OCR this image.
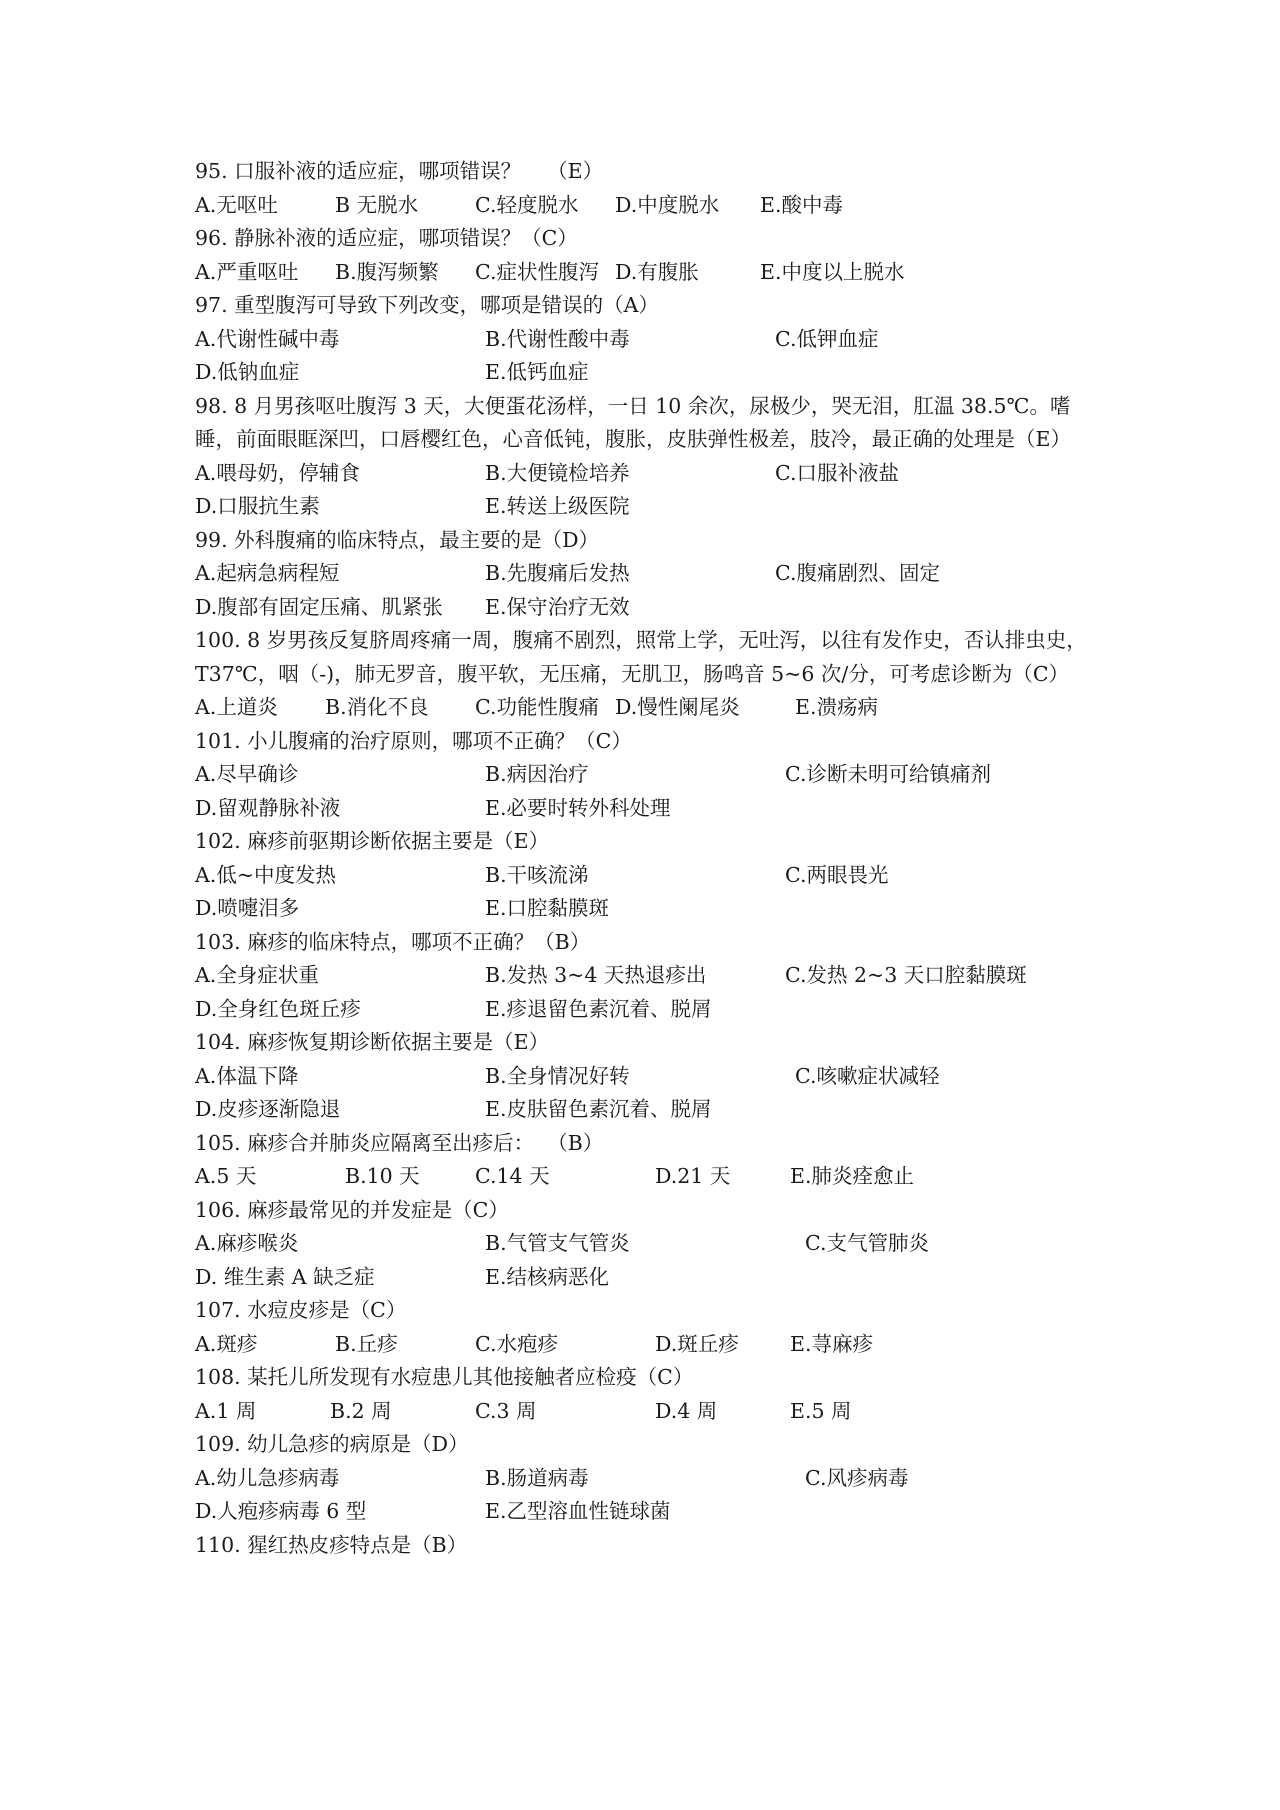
95. 口服补液的适应症，哪项错误？    （E）
A.无呕吐	B 无脱水	C.轻度脱水 D.中度脱水 E.酸中毒
96. 静脉补液的适应症，哪项错误？（C）
A.严重呕吐 B.腹泻频繁 C.症状性腹泻 D.有腹胀	E.中度以上脱水
97. 重型腹泻可导致下列改变，哪项是错误的（A）
A.代谢性碱中毒	B.代谢性酸中毒	C.低钾血症
D.低钠血症	E.低钙血症
98. 8 月男孩呕吐腹泻 3 天，大便蛋花汤样，一日 10 余次，尿极少，哭无泪，肛温 38.5℃。嗜睡，前面眼眶深凹，口唇樱红色，心音低钝，腹胀，皮肤弹性极差，肢冷，最正确的处理是（E）
A.喂母奶，停辅食	B.大便镜检培养	C.口服补液盐
D.口服抗生素	E.转送上级医院
99. 外科腹痛的临床特点，最主要的是（D）
A.起病急病程短	B.先腹痛后发热	C.腹痛剧烈、固定
D.腹部有固定压痛、肌紧张 E.保守治疗无效
100. 8 岁男孩反复脐周疼痛一周，腹痛不剧烈，照常上学，无吐泻，以往有发作史，否认排虫史，T37℃，咽（-)，肺无罗音，腹平软，无压痛，无肌卫，肠鸣音 5~6 次/分，可考虑诊断为（C）
A.上道炎 B.消化不良 C.功能性腹痛 D.慢性阑尾炎	E.溃疡病
101. 小儿腹痛的治疗原则，哪项不正确？（C）
A.尽早确诊	B.病因治疗	C.诊断未明可给镇痛剂
D.留观静脉补液	E.必要时转外科处理
102. 麻疹前驱期诊断依据主要是（E）
A.低~中度发热	B.干咳流涕	C.两眼畏光
D.喷嚏泪多	E.口腔黏膜斑
103. 麻疹的临床特点，哪项不正确？（B）
A.全身症状重	B.发热 3~4 天热退疹出	C.发热 2~3 天口腔黏膜斑
D.全身红色斑丘疹	E.疹退留色素沉着、脱屑
104. 麻疹恢复期诊断依据主要是（E）
A.体温下降	B.全身情况好转	C.咳嗽症状减轻
D.皮疹逐渐隐退	E.皮肤留色素沉着、脱屑
105. 麻疹合并肺炎应隔离至出疹后：  （B）
A.5 天	B.10 天	C.14 天	D.21 天	E.肺炎痊愈止
106. 麻疹最常见的并发症是（C）
A.麻疹喉炎	B.气管支气管炎	C.支气管肺炎
D. 维生素 A 缺乏症	E.结核病恶化
107. 水痘皮疹是（C）
A.斑疹	B.丘疹	C.水疱疹	D.斑丘疹	E.荨麻疹
108. 某托儿所发现有水痘患儿其他接触者应检疫（C）
A.1 周	B.2 周	C.3 周	D.4 周	E.5 周
109. 幼儿急疹的病原是（D）
A.幼儿急疹病毒	B.肠道病毒	C.风疹病毒
D.人疱疹病毒 6 型	E.乙型溶血性链球菌
110. 猩红热皮疹特点是（B）
